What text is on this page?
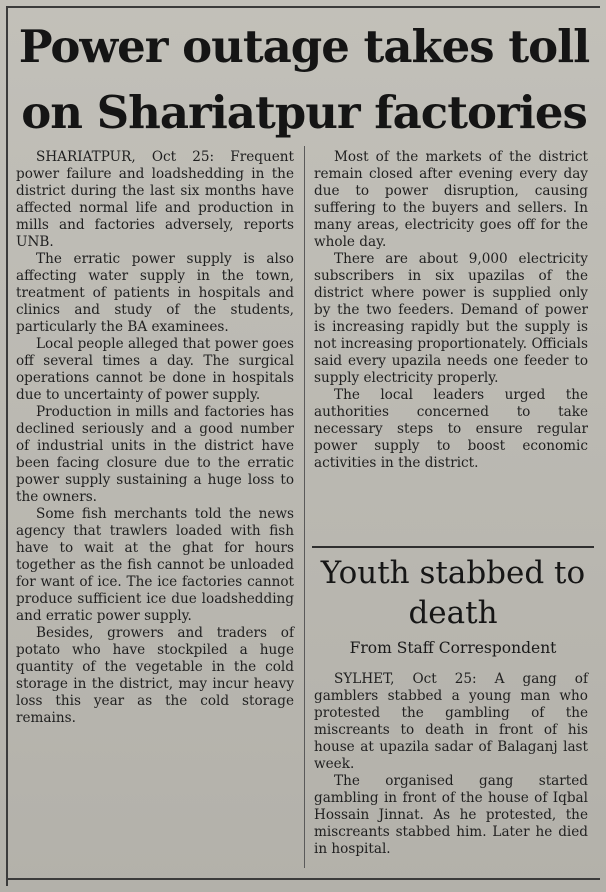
Power outage takes toll on Shariatpur factories

SHARIATPUR, Oct 25: Frequent power failure and loadshedding in the district during the last six months have affected normal life and production in mills and factories adversely, reports UNB.

The erratic power supply is also affecting water supply in the town, treatment of patients in hospitals and clinics and study of the students, particularly the BA examinees.

Local people alleged that power goes off several times a day. The surgical operations cannot be done in hospitals due to uncertainty of power supply.

Production in mills and factories has declined seriously and a good number of industrial units in the district have been facing closure due to the erratic power supply sustaining a huge loss to the owners.

Some fish merchants told the news agency that trawlers loaded with fish have to wait at the ghat for hours together as the fish cannot be unloaded for want of ice. The ice factories cannot produce sufficient ice due loadshedding and erratic power supply.

Besides, growers and traders of potato who have stockpiled a huge quantity of the vegetable in the cold storage in the district, may incur heavy loss this year as the cold storage remains.

Most of the markets of the district remain closed after evening every day due to power disruption, causing suffering to the buyers and sellers. In many areas, electricity goes off for the whole day.

There are about 9,000 electricity subscribers in six upazilas of the district where power is supplied only by the two feeders. Demand of power is increasing rapidly but the supply is not increasing proportionately. Officials said every upazila needs one feeder to supply electricity properly.

The local leaders urged the authorities concerned to take necessary steps to ensure regular power supply to boost economic activities in the district.

Youth stabbed to death
From Staff Correspondent

SYLHET, Oct 25: A gang of gamblers stabbed a young man who protested the gambling of the miscreants to death in front of his house at upazila sadar of Balaganj last week.

The organised gang started gambling in front of the house of Iqbal Hossain Jinnat. As he protested, the miscreants stabbed him. Later he died in hospital.
